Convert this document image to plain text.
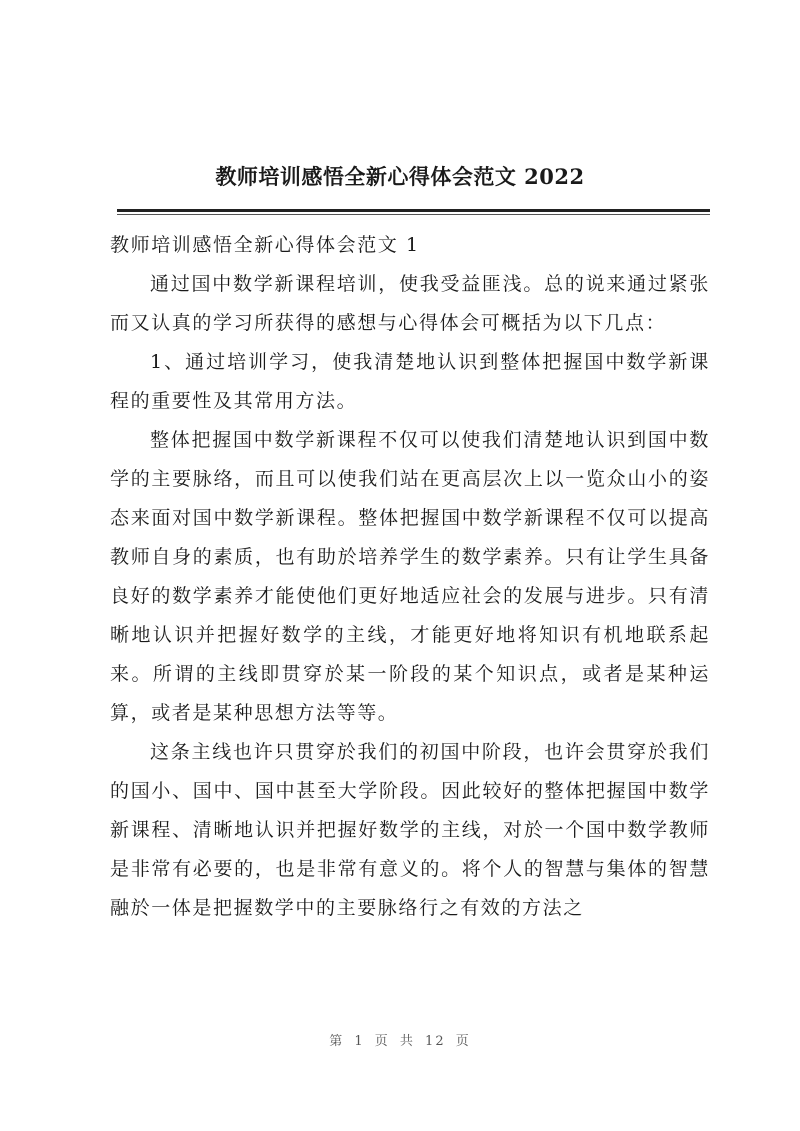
教师培训感悟全新心得体会范文 2022

教师培训感悟全新心得体会范文 1

通过国中数学新课程培训，使我受益匪浅。总的说来通过紧张而又认真的学习所获得的感想与心得体会可概括为以下几点：

1、通过培训学习，使我清楚地认识到整体把握国中数学新课程的重要性及其常用方法。

整体把握国中数学新课程不仅可以使我们清楚地认识到国中数学的主要脉络，而且可以使我们站在更高层次上以一览众山小的姿态来面对国中数学新课程。整体把握国中数学新课程不仅可以提高教师自身的素质，也有助於培养学生的数学素养。只有让学生具备良好的数学素养才能使他们更好地适应社会的发展与进步。只有清晰地认识并把握好数学的主线，才能更好地将知识有机地联系起来。所谓的主线即贯穿於某一阶段的某个知识点，或者是某种运算，或者是某种思想方法等等。

这条主线也许只贯穿於我们的初国中阶段，也许会贯穿於我们的国小、国中、国中甚至大学阶段。因此较好的整体把握国中数学新课程、清晰地认识并把握好数学的主线，对於一个国中数学教师是非常有必要的，也是非常有意义的。将个人的智慧与集体的智慧融於一体是把握数学中的主要脉络行之有效的方法之

第 1 页 共 12 页
